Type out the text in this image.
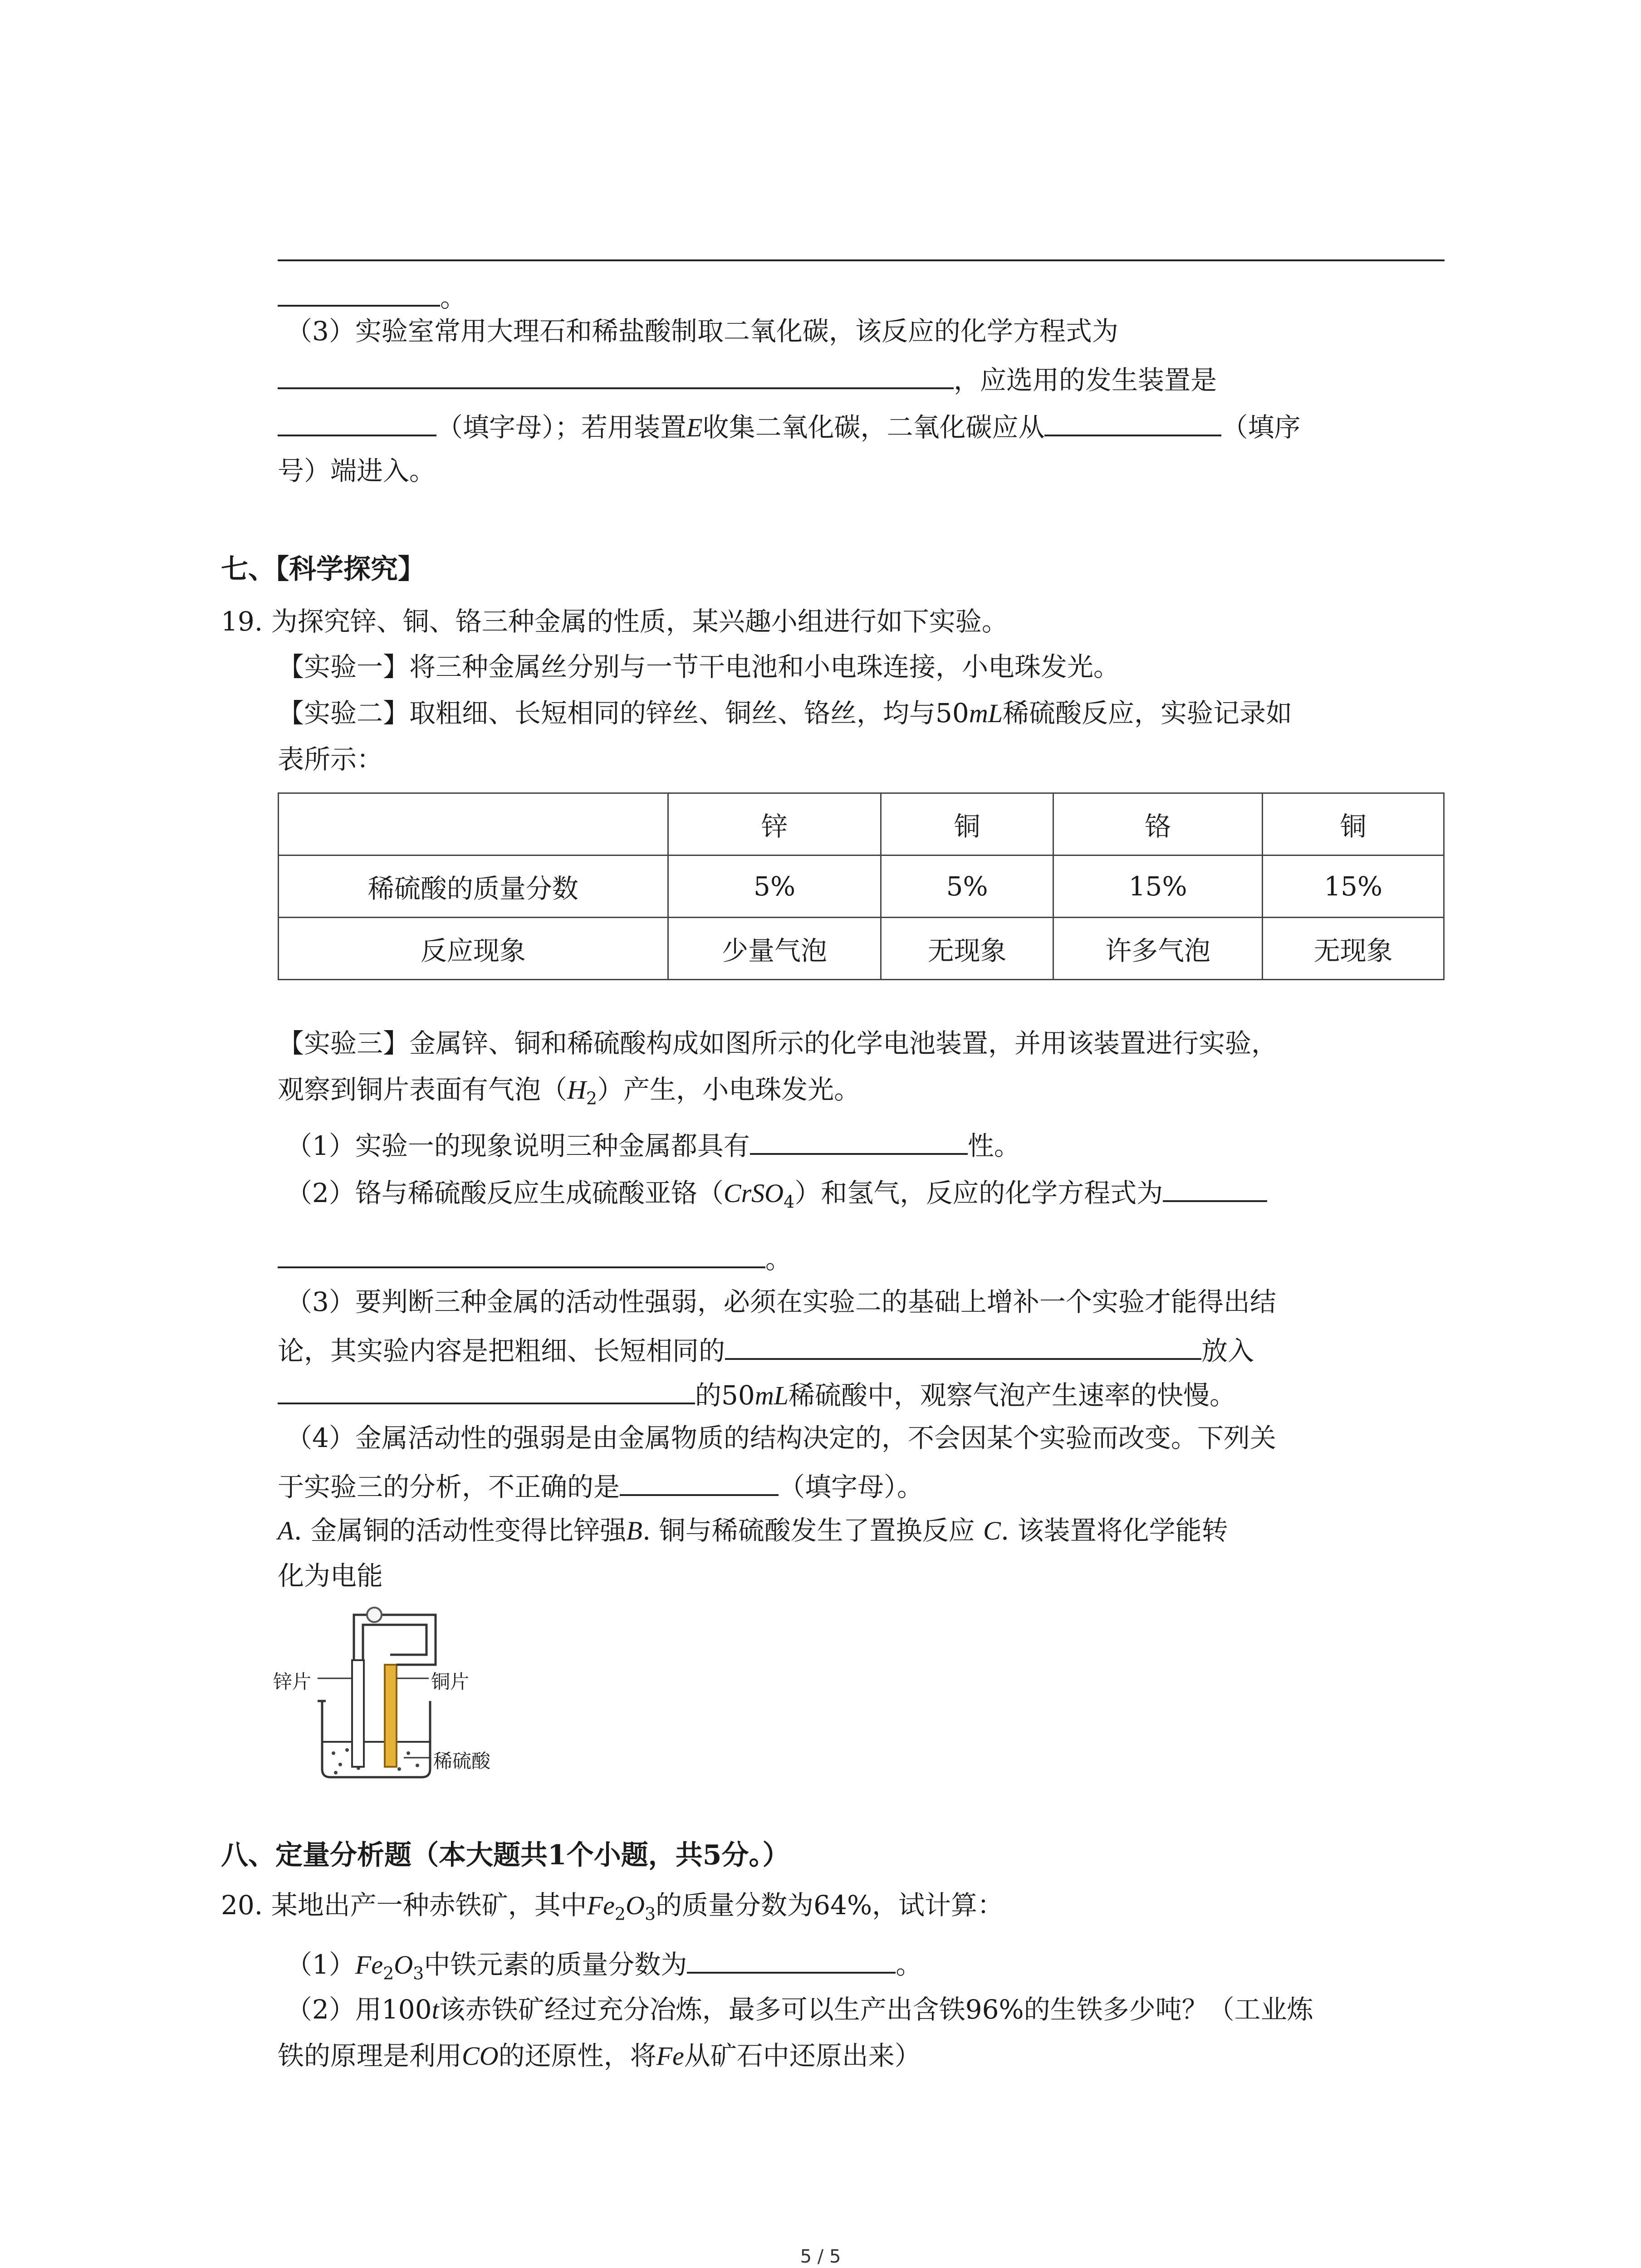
。
（3）实验室常用大理石和稀盐酸制取二氧化碳，该反应的化学方程式为
，应选用的发生装置是
（填字母）；若用装置E收集二氧化碳，二氧化碳应从	（填序
号）端进入。
七、【科学探究】
19. 为探究锌、铜、铬三种金属的性质，某兴趣小组进行如下实验。
【实验一】将三种金属丝分别与一节干电池和小电珠连接，小电珠发光。
【实验二】取粗细、长短相同的锌丝、铜丝、铬丝，均与50mL稀硫酸反应，实验记录如
表所示：
	锌	铜	铬	铜
稀硫酸的质量分数	5%	5%	15%	15%
反应现象	少量气泡	无现象	许多气泡	无现象
【实验三】金属锌、铜和稀硫酸构成如图所示的化学电池装置，并用该装置进行实验，
观察到铜片表面有气泡$(H_2)$产生，小电珠发光。
（1）实验一的现象说明三种金属都具有	性。
（2）铬与稀硫酸反应生成硫酸亚铬（CrSO$_4$）和氢气，反应的化学方程式为
。
（3）要判断三种金属的活动性强弱，必须在实验二的基础上增补一个实验才能得出结
论，其实验内容是把粗细、长短相同的	放入
的50mL稀硫酸中，观察气泡产生速率的快慢。
（4）金属活动性的强弱是由金属物质的结构决定的，不会因某个实验而改变。下列关
于实验三的分析，不正确的是	（填字母）。
A. 金属铜的活动性变得比锌强B. 铜与稀硫酸发生了置换反应 C. 该装置将化学能转
化为电能
锌片	铜片
稀硫酸
八、定量分析题（本大题共1个小题，共5分。）
20. 某地出产一种赤铁矿，其中$Fe_2O_3$的质量分数为64%，试计算：
$(1)Fe_2O_3$中铁元素的质量分数为	。
（2）用100t该赤铁矿经过充分冶炼，最多可以生产出含铁96%的生铁多少吨？（工业炼
铁的原理是利用CO的还原性，将Fe从矿石中还原出来）
5 / 5
